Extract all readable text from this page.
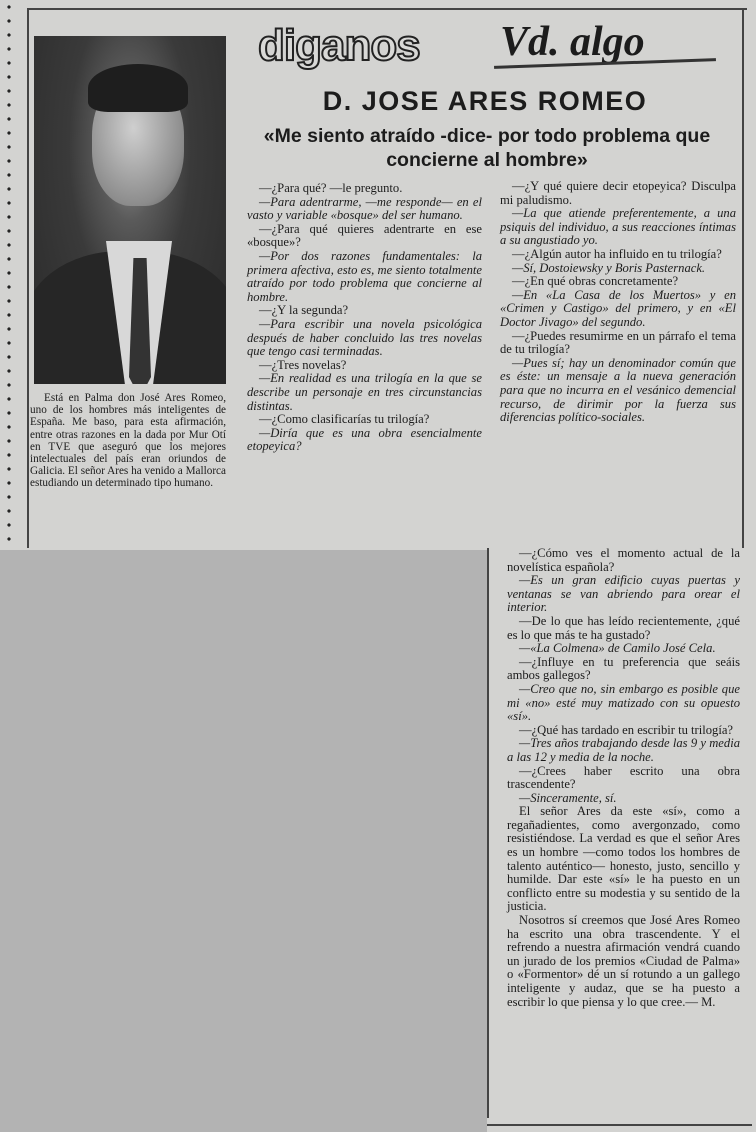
Está en Palma don José Ares Romeo, uno de los hombres más inteligentes de España. Me baso, para esta afirmación, entre otras razones en la dada por Mur Otí en TVE que aseguró que los mejores intelectuales del país eran oriundos de Galicia. El señor Ares ha venido a Mallorca estudiando un determinado tipo humano.

diganos Vd. algo
D. JOSE ARES ROMEO
«Me siento atraído -dice- por todo problema que concierne al hombre»

—¿Para qué? —le pregunto.

—Para adentrarme, —me responde— en el vasto y variable «bosque» del ser humano.

—¿Para qué quieres adentrarte en ese «bosque»?

—Por dos razones fundamentales: la primera afectiva, esto es, me siento totalmente atraído por todo problema que concierne al hombre.

—¿Y la segunda?

—Para escribir una novela psicológica después de haber concluido las tres novelas que tengo casi terminadas.

—¿Tres novelas?

—En realidad es una trilogía en la que se describe un personaje en tres circunstancias distintas.

—¿Como clasificarías tu trilogía?

—Diría que es una obra esencialmente etopeyica?

—¿Y qué quiere decir etopeyica? Disculpa mi paludismo.

—La que atiende preferentemente, a una psiquis del individuo, a sus reacciones íntimas a su angustiado yo.

—¿Algún autor ha influido en tu trilogía?

—Sí, Dostoiewsky y Boris Pasternack.

—¿En qué obras concretamente?

—En «La Casa de los Muertos» y en «Crimen y Castigo» del primero, y en «El Doctor Jivago» del segundo.

—¿Puedes resumirme en un párrafo el tema de tu trilogía?

—Pues sí; hay un denominador común que es éste: un mensaje a la nueva generación para que no incurra en el vesánico demencial recurso, de dirimir por la fuerza sus diferencias político-sociales.

—¿Cómo ves el momento actual de la novelística española?

—Es un gran edificio cuyas puertas y ventanas se van abriendo para orear el interior.

—De lo que has leído recientemente, ¿qué es lo que más te ha gustado?

—«La Colmena» de Camilo José Cela.

—¿Influye en tu preferencia que seáis ambos gallegos?

—Creo que no, sin embargo es posible que mi «no» esté muy matizado con su opuesto «sí».

—¿Qué has tardado en escribir tu trilogía?

—Tres años trabajando desde las 9 y media a las 12 y media de la noche.

—¿Crees haber escrito una obra trascendente?

—Sinceramente, sí.

El señor Ares da este «sí», como a regañadientes, como avergonzado, como resistiéndose. La verdad es que el señor Ares es un hombre —como todos los hombres de talento auténtico— honesto, justo, sencillo y humilde. Dar este «sí» le ha puesto en un conflicto entre su modestia y su sentido de la justicia.

Nosotros sí creemos que José Ares Romeo ha escrito una obra trascendente. Y el refrendo a nuestra afirmación vendrá cuando un jurado de los premios «Ciudad de Palma» o «Formentor» dé un sí rotundo a un gallego inteligente y audaz, que se ha puesto a escribir lo que piensa y lo que cree.— M.
